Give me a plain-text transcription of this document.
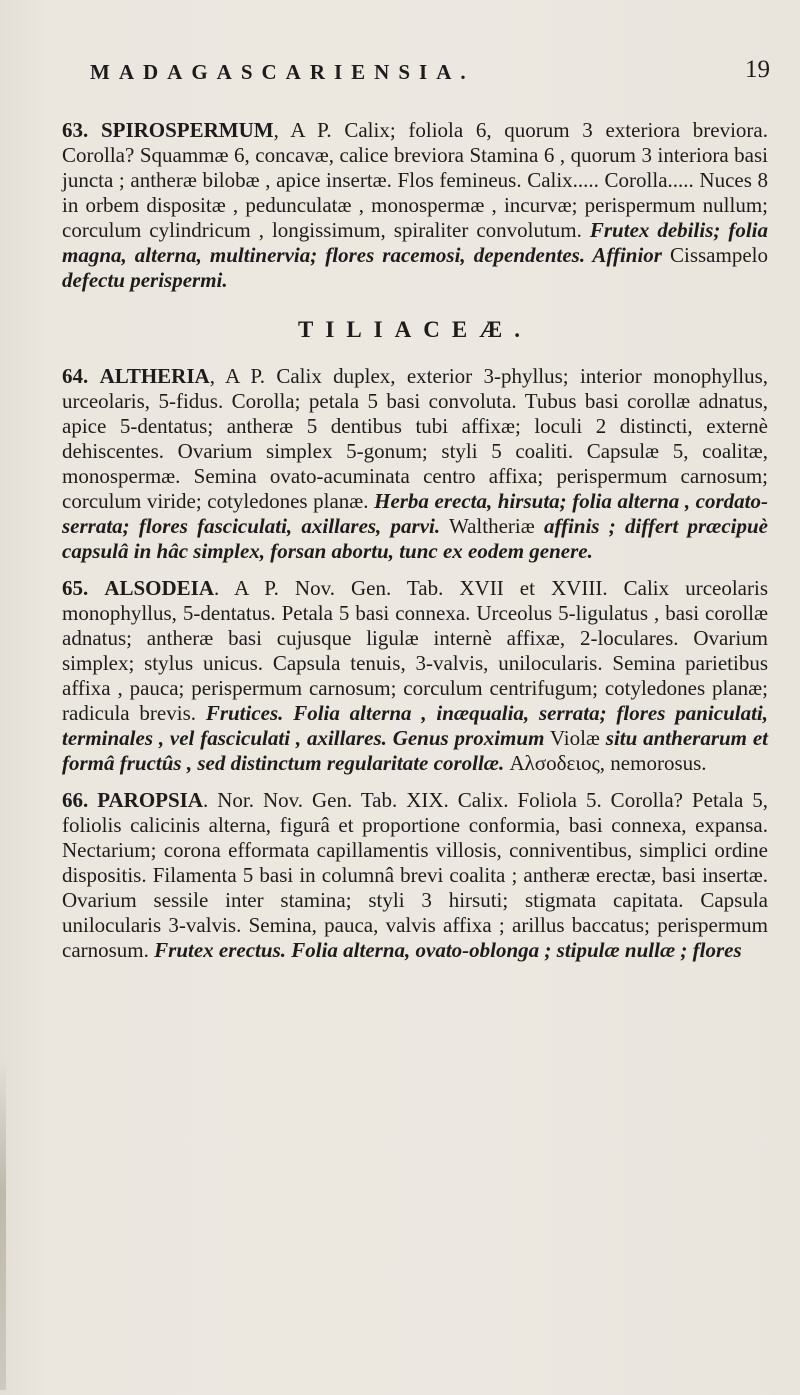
MADAGASCARIENSIA.	19

63. SPIROSPERMUM, A P. Calix; foliola 6, quorum 3 exteriora breviora. Corolla? Squammæ 6, concavæ, calice breviora Stamina 6 , quorum 3 interiora basi juncta ; antheræ bilobæ , apice insertæ. Flos femineus. Calix..... Corolla..... Nuces 8 in orbem dispositæ , pedunculatæ , monospermæ , incurvæ; perispermum nullum; corculum cylindricum , longissimum, spiraliter convolutum. Frutex debilis; folia magna, alterna, multinervia; flores racemosi, dependentes. Affinior Cissampelo defectu perispermi.

TILIACEÆ.

64. ALTHERIA, A P. Calix duplex, exterior 3-phyllus; interior monophyllus, urceolaris, 5-fidus. Corolla; petala 5 basi convoluta. Tubus basi corollæ adnatus, apice 5-dentatus; antheræ 5 dentibus tubi affixæ; loculi 2 distincti, externè dehiscentes. Ovarium simplex 5-gonum; styli 5 coaliti. Capsulæ 5, coalitæ, monospermæ. Semina ovato-acuminata centro affixa; perispermum carnosum; corculum viride; cotyledones planæ. Herba erecta, hirsuta; folia alterna , cordato-serrata; flores fasciculati, axillares, parvi. Waltheriæ affinis ; differt præcipuè capsulâ in hâc simplex, forsan abortu, tunc ex eodem genere.

65. ALSODEIA. A P. Nov. Gen. Tab. XVII et XVIII. Calix urceolaris monophyllus, 5-dentatus. Petala 5 basi connexa. Urceolus 5-ligulatus , basi corollæ adnatus; antheræ basi cujusque ligulæ internè affixæ, 2-loculares. Ovarium simplex; stylus unicus. Capsula tenuis, 3-valvis, unilocularis. Semina parietibus affixa , pauca; perispermum carnosum; corculum centrifugum; cotyledones planæ; radicula brevis. Frutices. Folia alterna , inæqualia, serrata; flores paniculati, terminales , vel fasciculati , axillares. Genus proximum Violæ situ antherarum et formâ fructûs , sed distinctum regularitate corollæ. Αλσοδειος, nemorosus.

66. PAROPSIA. Nor. Nov. Gen. Tab. XIX. Calix. Foliola 5. Corolla? Petala 5, foliolis calicinis alterna, figurâ et proportione conformia, basi connexa, expansa. Nectarium; corona efformata capillamentis villosis, conniventibus, simplici ordine dispositis. Filamenta 5 basi in columnâ brevi coalita ; antheræ erectæ, basi insertæ. Ovarium sessile inter stamina; styli 3 hirsuti; stigmata capitata. Capsula unilocularis 3-valvis. Semina, pauca, valvis affixa ; arillus baccatus; perispermum carnosum. Frutex erectus. Folia alterna, ovato-oblonga ; stipulæ nullæ ; flores
